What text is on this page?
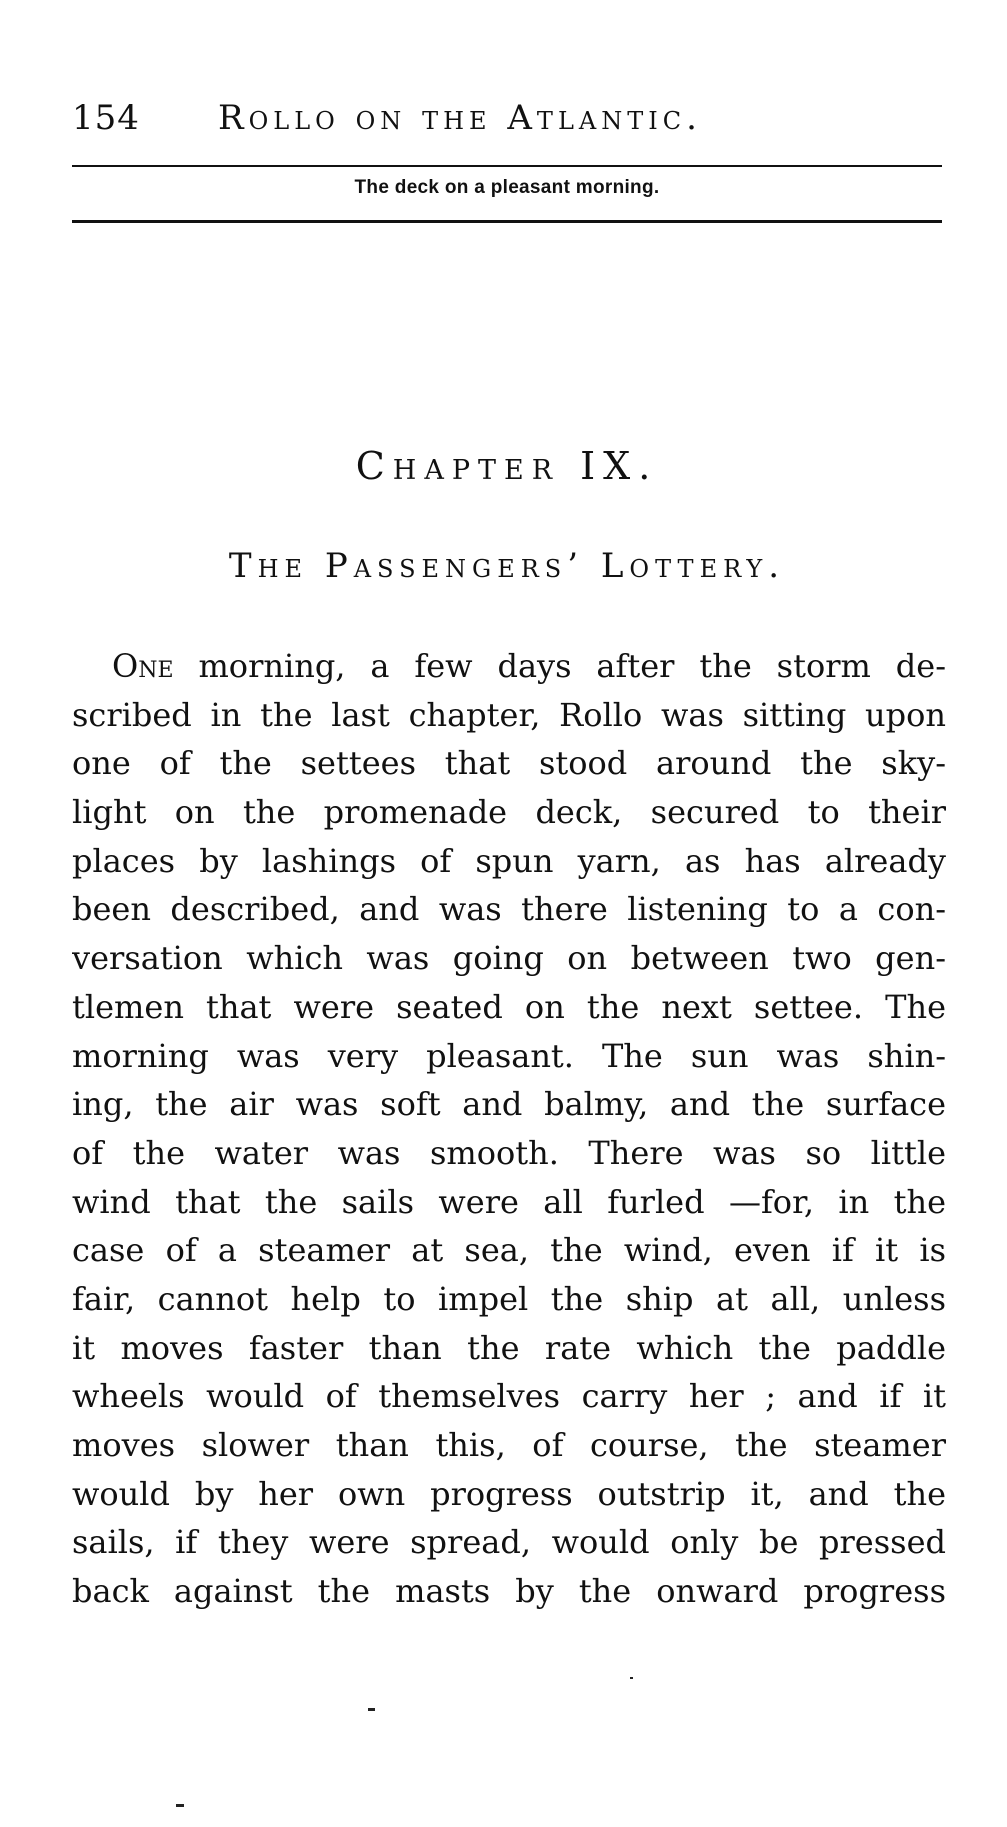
154 Rollo on the Atlantic.
The deck on a pleasant morning.
Chapter IX.
The Passengers’ Lottery.
One morning, a few days after the storm de-
scribed in the last chapter, Rollo was sitting upon
one of the settees that stood around the sky-
light on the promenade deck, secured to their
places by lashings of spun yarn, as has already
been described, and was there listening to a con-
versation which was going on between two gen-
tlemen that were seated on the next settee. The
morning was very pleasant. The sun was shin-
ing, the air was soft and balmy, and the surface
of the water was smooth. There was so little
wind that the sails were all furled —for, in the
case of a steamer at sea, the wind, even if it is
fair, cannot help to impel the ship at all, unless
it moves faster than the rate which the paddle
wheels would of themselves carry her ; and if it
moves slower than this, of course, the steamer
would by her own progress outstrip it, and the
sails, if they were spread, would only be pressed
back against the masts by the onward progress
